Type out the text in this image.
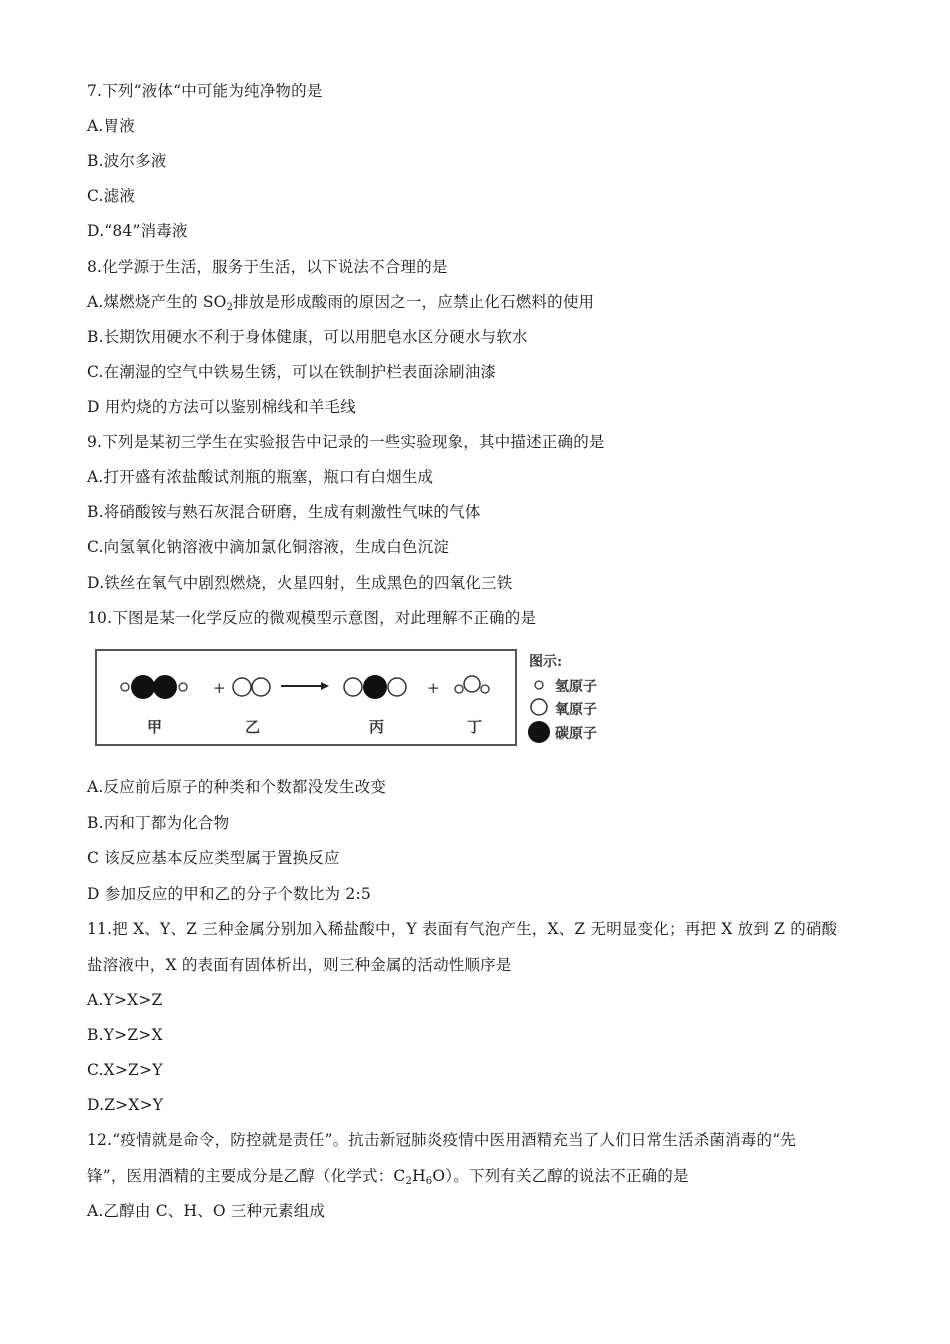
7.下列“液体“中可能为纯净物的是
A.胃液
B.波尔多液
C.滤液
D.“84”消毒液
8.化学源于生活，服务于生活，以下说法不合理的是
A.煤燃烧产生的 $SO_2$排放是形成酸雨的原因之一，应禁止化石燃料的使用
B.长期饮用硬水不利于身体健康，可以用肥皂水区分硬水与软水
C.在潮湿的空气中铁易生锈，可以在铁制护栏表面涂刷油漆
D 用灼烧的方法可以鉴别棉线和羊毛线
9.下列是某初三学生在实验报告中记录的一些实验现象，其中描述正确的是
A.打开盛有浓盐酸试剂瓶的瓶塞，瓶口有白烟生成
B.将硝酸铵与熟石灰混合研磨，生成有刺激性气味的气体
C.向氢氧化钠溶液中滴加氯化铜溶液，生成白色沉淀
D.铁丝在氧气中剧烈燃烧，火星四射，生成黑色的四氧化三铁
10.下图是某一化学反应的微观模型示意图，对此理解不正确的是
+	+
甲	乙	丙	丁
图示:
氢原子
氧原子
碳原子
A.反应前后原子的种类和个数都没发生改变
B.丙和丁都为化合物
C 该反应基本反应类型属于置换反应
D 参加反应的甲和乙的分子个数比为 2:5
11.把 X、Y、Z 三种金属分别加入稀盐酸中，Y 表面有气泡产生，X、Z 无明显变化；再把 X 放到 Z 的硝酸
盐溶液中，X 的表面有固体析出，则三种金属的活动性顺序是
A.Y>X>Z
B.Y>Z>X
C.X>Z>Y
D.Z>X>Y
12.“疫情就是命令，防控就是责任”。抗击新冠肺炎疫情中医用酒精充当了人们日常生活杀菌消毒的“先
锋”，医用酒精的主要成分是乙醇（化学式：$C_2H_6O$）。下列有关乙醇的说法不正确的是
A.乙醇由 C、H、O 三种元素组成
